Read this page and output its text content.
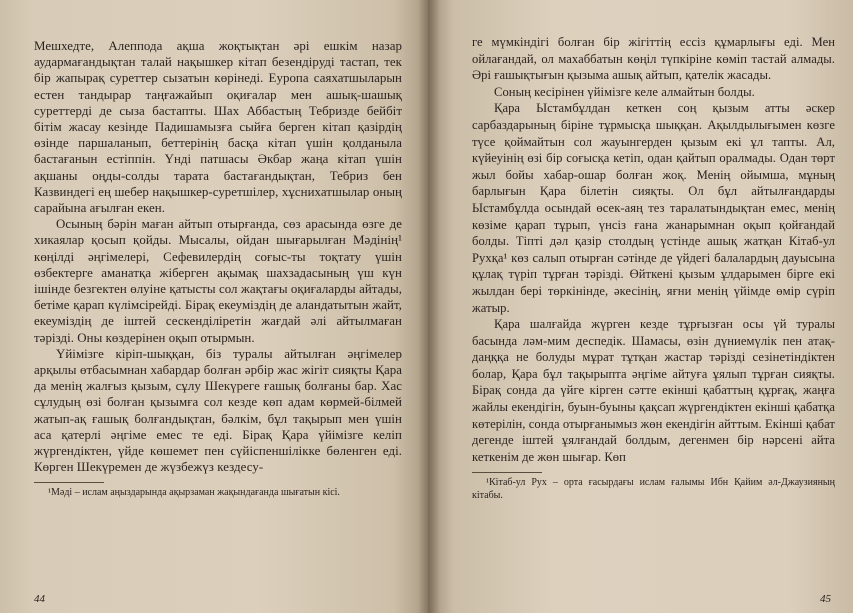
Мешхедте, Алеппода ақша жоқтықтан әрі ешкім назар аудармағандықтан талай нақышкер кітап безендіруді тастап, тек бір жапырақ суреттер сызатын көрінеді. Еуропа саяхатшыларын естен тандырар таңғажайып оқиғалар мен ашық-шашық суреттерді де сыза бастапты. Шах Аббастың Тебризде бейбіт бітім жасау кезінде Падишамызға сыйға берген кітап қазірдің өзінде паршаланып, беттерінің басқа кітап үшін қолданыла бастағанын естіппін. Үнді патшасы Әкбар жаңа кітап үшін ақшаны оңды-солды тарата бастағандықтан, Тебриз бен Казвиндегі ең шебер нақышкер-суретшілер, хұснихатшылар оның сарайына ағылған екен.

Осының бәрін маған айтып отырғанда, сөз арасында өзге де хикаялар қосып қойды. Мысалы, ойдан шығарылған Мәдінің¹ көңілді әңгімелері, Сефевилердің соғыс-ты тоқтату үшін өзбектерге аманатқа жіберген ақымақ шахзадасының үш күн ішінде безгектен өлуіне қатысты сол жақтағы оқиғаларды айтады, бетіме қарап күлімсірейді. Бірақ екеуміздің де аландатытын жайт, екеуміздің де іштей сескенділіретін жағдай әлі айтылмаған тәрізді. Оны көздерінен оқып отырмын.

Үйімізге кіріп-шыққан, біз туралы айтылған әңгімелер арқылы өтбасымнан хабардар болған әрбір жас жігіт сияқты Қара да менің жалғыз қызым, сұлу Шекүреге ғашық болғаны бар. Хас сұлудың өзі болған қызымға сол кезде көп адам көрмей-білмей жатып-ақ ғашық болғандықтан, бәлкім, бұл тақырып мен үшін аса қатерлі әңгіме емес те еді. Бірақ Қара үйімізге келіп жүргендіктен, үйде көшемет пен сүйіспеншілікке бөленген еді. Көрген Шекүремен де жүзбежүз кездесу-

¹Мәді – ислам аңыздарында ақырзаман жақындағанда шығатын кісі.

44

ге мүмкіндігі болған бір жігіттің ессіз құмарлығы еді. Мен ойлағандай, ол махаббатын көңіл түпкіріне көміп тастай алмады. Әрі ғашықтығын қызыма ашық айтып, қателік жасады.

Соның кесірінен үйімізге келе алмайтын болды.

Қара Ыстамбұлдан кеткен соң қызым атты әскер сарбаздарының біріне тұрмысқа шыққан. Ақылдылығымен көзге түсе қоймайтын сол жауынгерден қызым екі ұл тапты. Ал, күйеуінің өзі бір соғысқа кетіп, одан қайтып оралмады. Одан төрт жыл бойы хабар-ошар болған жоқ. Менің ойымша, мұның барлығын Қара білетін сияқты. Ол бұл айтылғандарды Ыстамбұлда осындай өсек-аяң тез таралатындықтан емес, менің көзіме қарап тұрып, үнсіз ғана жанарымнан оқып қойғандай болды. Тіпті дәл қазір столдың үстінде ашық жатқан Кітаб-ул Рухқа¹ көз салып отырған сәтінде де үйдегі балалардың дауысына құлақ түріп тұрған тәрізді. Өйткені қызым ұлдарымен бірге екі жылдан бері төркінінде, әкесінің, яғни менің үйімде өмір сүріп жатыр.

Қара шалғайда жүрген кезде тұрғызған осы үй туралы басында ләм-мим деспедік. Шамасы, өзін дүниемүлік пен атақ-даңққа не болуды мұрат тұтқан жастар тәрізді сезінетіндіктен болар, Қара бұл тақырыпта әңгіме айтуға ұялып тұрған сияқты. Бірақ сонда да үйге кірген сәтте екінші қабаттың құрғақ, жаңға жайлы екендігін, буын-буыны қақсап жүргендіктен екінші қабатқа көтерілін, сонда отырғанымыз жөн екендігін айттым. Екінші қабат дегенде іштей ұялғандай болдым, дегенмен бір нәрсені айта кеткенім де жөн шығар. Көп

¹Кітаб-ул Рух – орта ғасырдағы ислам ғалымы Ибн Қайим әл-Джаузияның кітабы.

45
